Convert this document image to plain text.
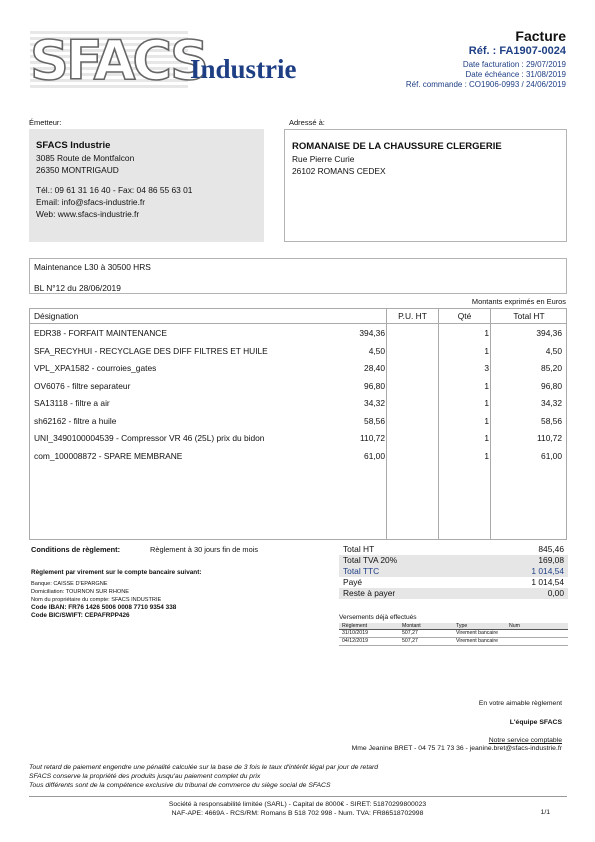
SFACS
Industrie
Facture
Réf. : FA1907-0024
Date facturation : 29/07/2019
Date échéance : 31/08/2019
Réf. commande : CO1906-0993 / 24/06/2019
Émetteur:	Adressé à:
SFACS Industrie
3085 Route de Montfalcon
26350 MONTRIGAUD
Tél.: 09 61 31 16 40 - Fax: 04 86 55 63 01
Email: info@sfacs-industrie.fr
Web: www.sfacs-industrie.fr
ROMANAISE DE LA CHAUSSURE CLERGERIE
Rue Pierre Curie
26102 ROMANS CEDEX
Maintenance L30 à 30500 HRS
BL N°12 du 28/06/2019
Montants exprimés en Euros
Désignation	P.U. HT	Qté	Total HT
EDR38 - FORFAIT MAINTENANCE	394,36	1	394,36
SFA_RECYHUI - RECYCLAGE DES DIFF FILTRES ET HUILE	4,50	1	4,50
VPL_XPA1582 - courroies_gates	28,40	3	85,20
OV6076 - filtre separateur	96,80	1	96,80
SA13118 - filtre a air	34,32	1	34,32
sh62162 - filtre a huile	58,56	1	58,56
UNI_3490100004539 - Compressor VR 46 (25L) prix du bidon	110,72	1	110,72
com_100008872 - SPARE MEMBRANE	61,00	1	61,00
Conditions de règlement:	Règlement à 30 jours fin de mois
Règlement par virement sur le compte bancaire suivant:
Banque: CAISSE D'EPARGNE
Domiciliation: TOURNON SUR RHONE
Nom du propriétaire du compte: SFACS INDUSTRIE
Code IBAN: FR76 1426 5006 0008 7710 9354 338
Code BIC/SWIFT: CEPAFRPP426
Total HT	845,46
Total TVA 20%	169,08
Total TTC	1 014,54
Payé	1 014,54
Reste à payer	0,00
Versements déjà effectués
Règlement	Montant	Type	Num
31/10/2019	507,27	Virement bancaire
04/12/2019	507,27	Virement bancaire
En votre aimable règlement
L'équipe SFACS
Notre service comptable
Mme Jeanine BRET - 04 75 71 73 36 - jeanine.bret@sfacs-industrie.fr
Tout retard de paiement engendre une pénalité calculée sur la base de 3 fois le taux d'intérêt légal par jour de retard
SFACS conserve la propriété des produits jusqu'au paiement complet du prix
Tous différents sont de la compétence exclusive du tribunal de commerce du siège social de SFACS
Société à responsabilité limitée (SARL) - Capital de 8000€ - SIRET: 51870299800023
NAF-APE: 4669A - RCS/RM: Romans B 518 702 998 - Num. TVA: FR86518702998	1/1
